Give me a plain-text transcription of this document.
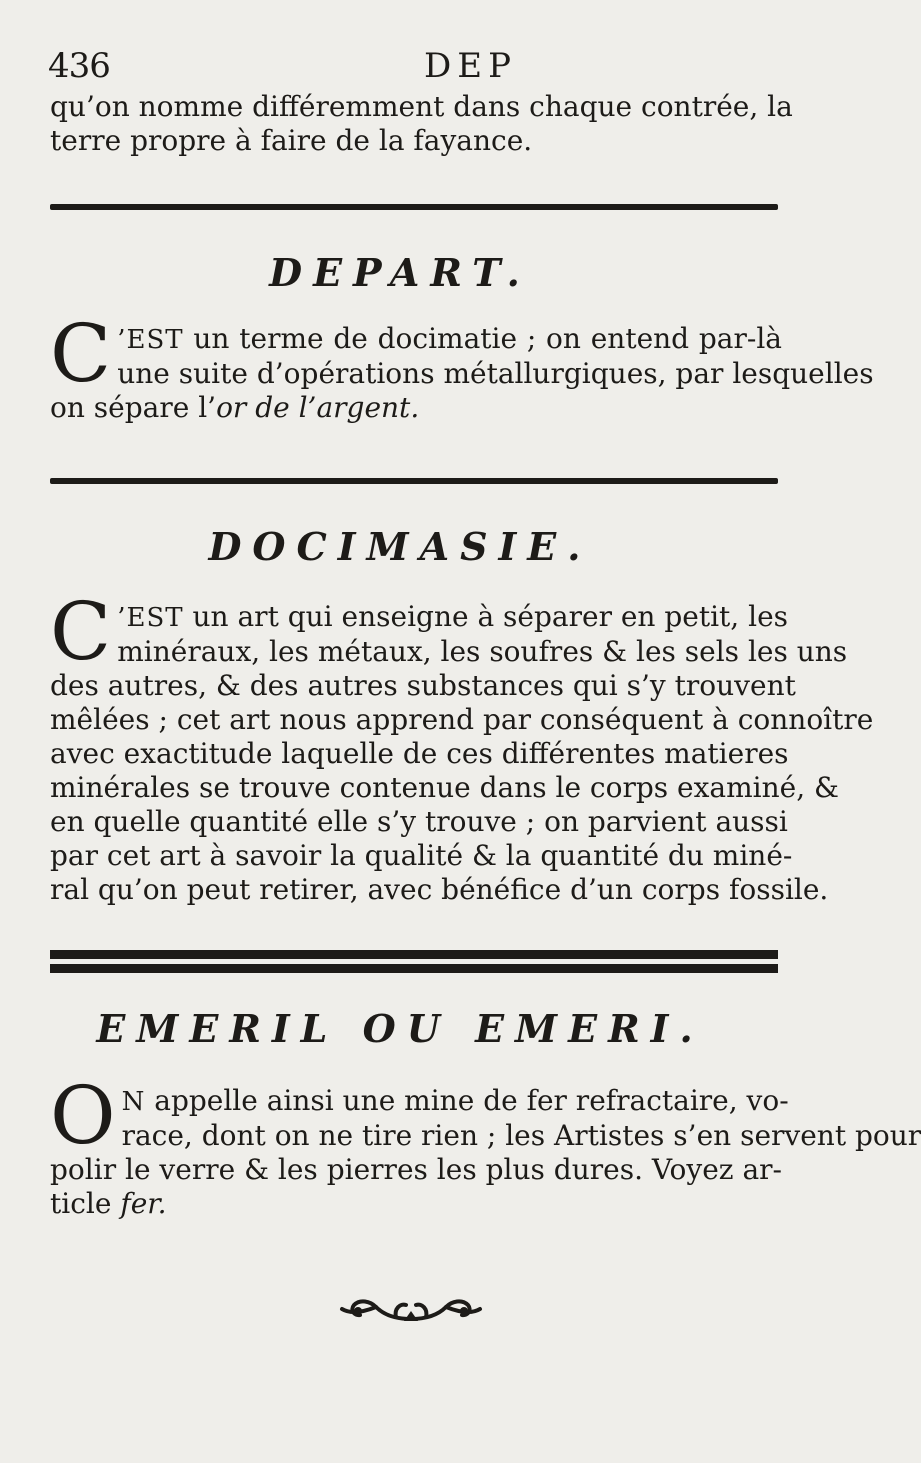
436	DEP

qu’on nomme différemment dans chaque contrée, la
terre propre à faire de la fayance.

DEPART.

C ’EST un terme de docimatie ; on entend par-là
une suite d’opérations métallurgiques, par lesquelles
on sépare l’or de l’argent.

DOCIMASIE.

C ’EST un art qui enseigne à séparer en petit, les
minéraux, les métaux, les soufres & les sels les uns
des autres, & des autres substances qui s’y trouvent
mêlées ; cet art nous apprend par conséquent à connoître
avec exactitude laquelle de ces différentes matieres
minérales se trouve contenue dans le corps examiné, &
en quelle quantité elle s’y trouve ; on parvient aussi
par cet art à savoir la qualité & la quantité du miné-
ral qu’on peut retirer, avec bénéfice d’un corps fossile.

EMERIL OU EMERI.

O N appelle ainsi une mine de fer refractaire, vo-
race, dont on ne tire rien ; les Artistes s’en servent pour
polir le verre & les pierres les plus dures. Voyez ar-
ticle fer.
